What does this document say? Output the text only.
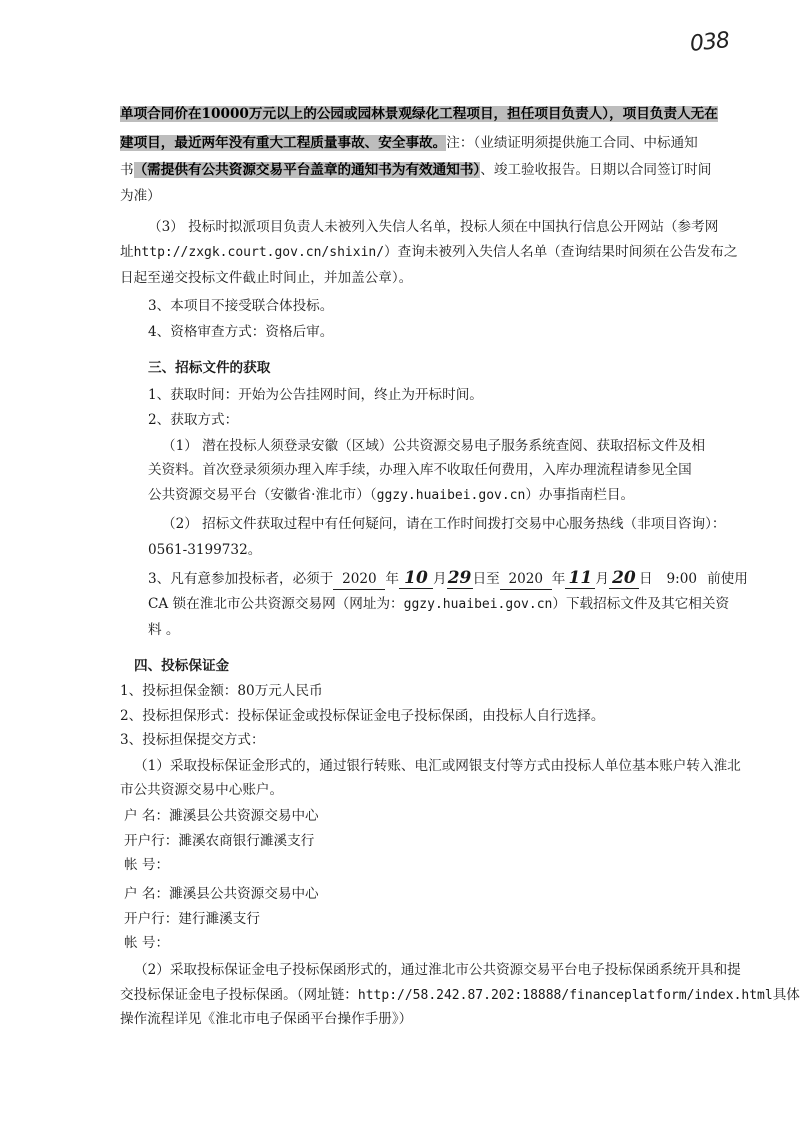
038
单项合同价在10000万元以上的公园或园林景观绿化工程项目，担任项目负责人），项目负责人无在
建项目，最近两年没有重大工程质量事故、安全事故。注：（业绩证明须提供施工合同、中标通知
书（需提供有公共资源交易平台盖章的通知书为有效通知书）、竣工验收报告。日期以合同签订时间
为准）
（3） 投标时拟派项目负责人未被列入失信人名单，投标人须在中国执行信息公开网站（参考网
址http://zxgk.court.gov.cn/shixin/）查询未被列入失信人名单（查询结果时间须在公告发布之
日起至递交投标文件截止时间止，并加盖公章）。
3、本项目不接受联合体投标。
4、资格审查方式：资格后审。
三、招标文件的获取
1、获取时间：开始为公告挂网时间，终止为开标时间。
2、获取方式：
（1） 潜在投标人须登录安徽（区域）公共资源交易电子服务系统查阅、获取招标文件及相
关资料。首次登录须须办理入库手续，办理入库不收取任何费用，入库办理流程请参见全国
公共资源交易平台（安徽省·淮北市）（ggzy.huaibei.gov.cn）办事指南栏目。
（2） 招标文件获取过程中有任何疑问，请在工作时间拨打交易中心服务热线（非项目咨询）：
0561-3199732。
3、凡有意参加投标者，必须于 2020 年 10 月29日至 2020 年 11 月 20 日 9:00 前使用
CA 锁在淮北市公共资源交易网（网址为：ggzy.huaibei.gov.cn）下载招标文件及其它相关资
料 。
四、投标保证金
1、投标担保金额：80万元人民币
2、投标担保形式：投标保证金或投标保证金电子投标保函，由投标人自行选择。
3、投标担保提交方式：
（1）采取投标保证金形式的，通过银行转账、电汇或网银支付等方式由投标人单位基本账户转入淮北
市公共资源交易中心账户。
户 名：濉溪县公共资源交易中心
开户行：濉溪农商银行濉溪支行
帐 号：
户 名：濉溪县公共资源交易中心
开户行：建行濉溪支行
帐 号：
（2）采取投标保证金电子投标保函形式的，通过淮北市公共资源交易平台电子投标保函系统开具和提
交投标保证金电子投标保函。（网址链：http://58.242.87.202:18888/financeplatform/index.html具体
操作流程详见《淮北市电子保函平台操作手册》）
